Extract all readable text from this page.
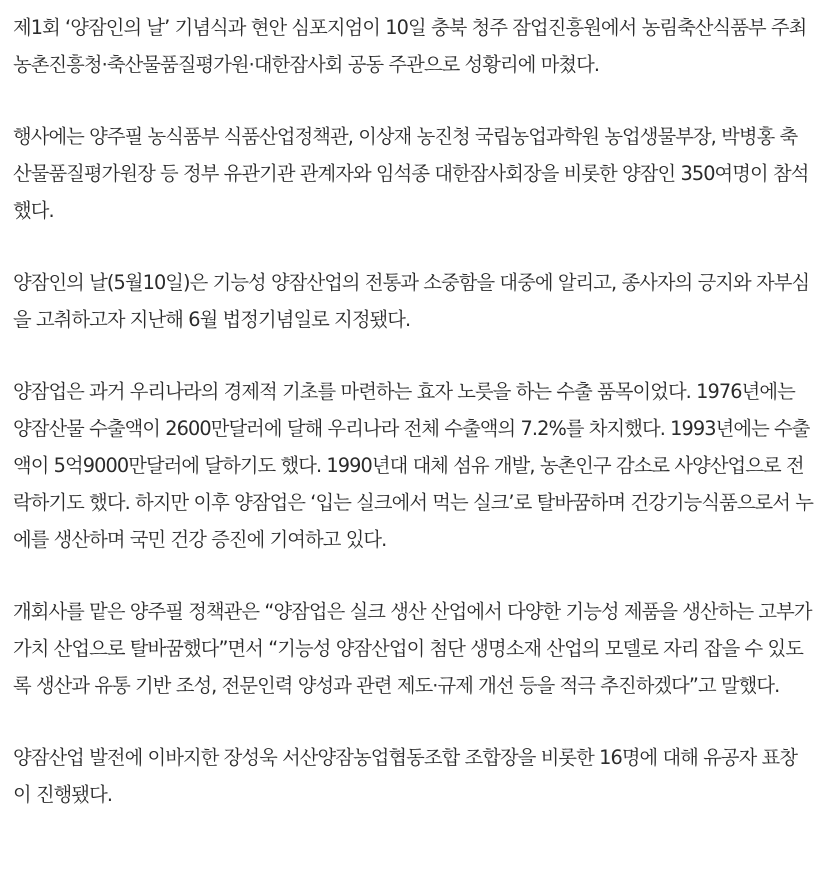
제1회 ‘양잠인의 날’ 기념식과 현안 심포지엄이 10일 충북 청주 잠업진흥원에서 농림축산식품부 주최 농촌진흥청·축산물품질평가원·대한잠사회 공동 주관으로 성황리에 마쳤다.

행사에는 양주필 농식품부 식품산업정책관, 이상재 농진청 국립농업과학원 농업생물부장, 박병홍 축산물품질평가원장 등 정부 유관기관 관계자와 임석종 대한잠사회장을 비롯한 양잠인 350여명이 참석했다.

양잠인의 날(5월10일)은 기능성 양잠산업의 전통과 소중함을 대중에 알리고, 종사자의 긍지와 자부심을 고취하고자 지난해 6월 법정기념일로 지정됐다.

양잠업은 과거 우리나라의 경제적 기초를 마련하는 효자 노릇을 하는 수출 품목이었다. 1976년에는 양잠산물 수출액이 2600만달러에 달해 우리나라 전체 수출액의 7.2%를 차지했다. 1993년에는 수출액이 5억9000만달러에 달하기도 했다. 1990년대 대체 섬유 개발, 농촌인구 감소로 사양산업으로 전락하기도 했다. 하지만 이후 양잠업은 ‘입는 실크에서 먹는 실크’로 탈바꿈하며 건강기능식품으로서 누에를 생산하며 국민 건강 증진에 기여하고 있다.

개회사를 맡은 양주필 정책관은 “양잠업은 실크 생산 산업에서 다양한 기능성 제품을 생산하는 고부가가치 산업으로 탈바꿈했다”면서 “기능성 양잠산업이 첨단 생명소재 산업의 모델로 자리 잡을 수 있도록 생산과 유통 기반 조성, 전문인력 양성과 관련 제도·규제 개선 등을 적극 추진하겠다”고 말했다.

양잠산업 발전에 이바지한 장성욱 서산양잠농업협동조합 조합장을 비롯한 16명에 대해 유공자 표창이 진행됐다.
